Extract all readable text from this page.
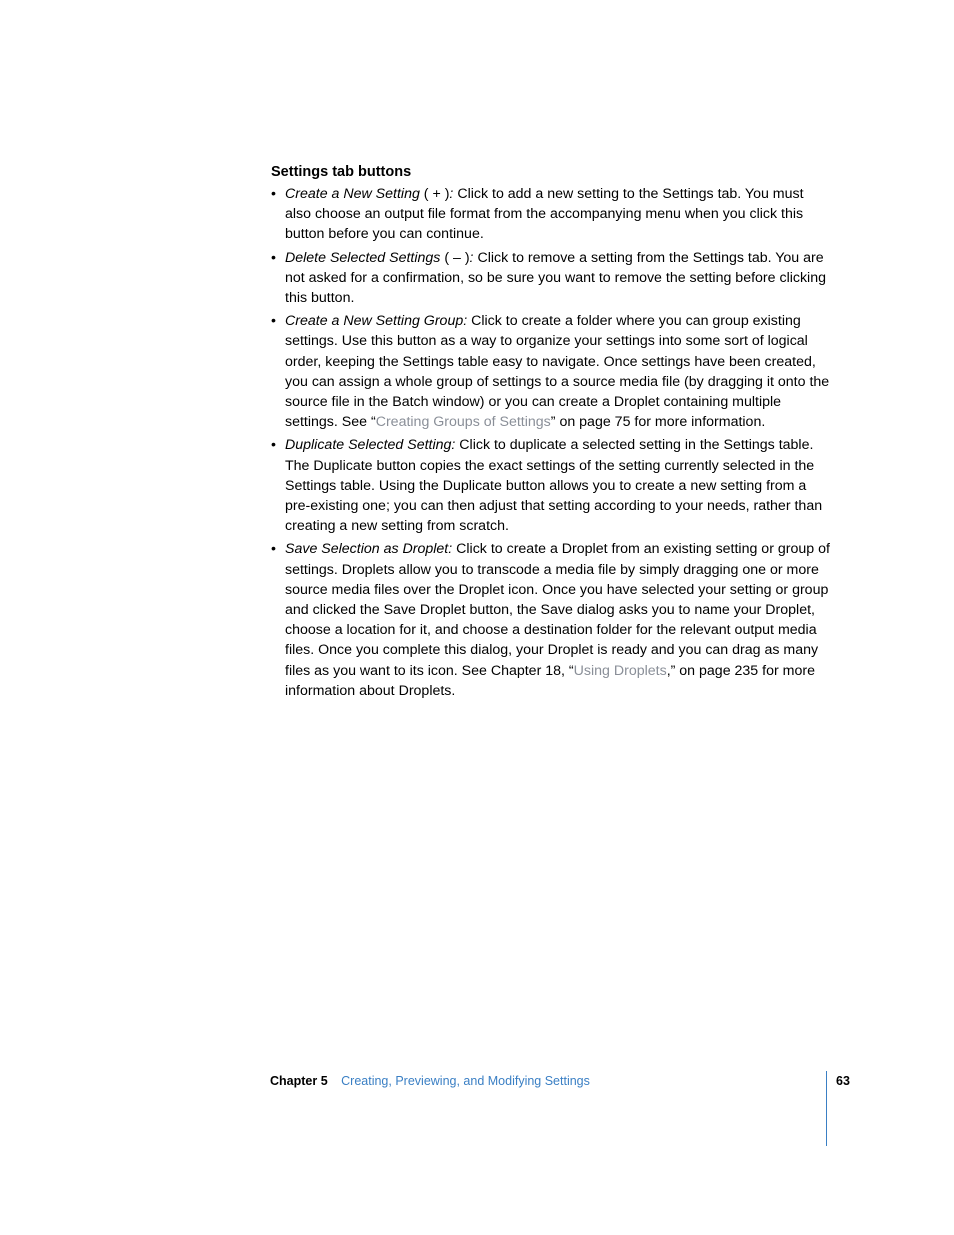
Settings tab buttons
• Create a New Setting ( + ): Click to add a new setting to the Settings tab. You must also choose an output file format from the accompanying menu when you click this button before you can continue.
• Delete Selected Settings ( – ): Click to remove a setting from the Settings tab. You are not asked for a confirmation, so be sure you want to remove the setting before clicking this button.
• Create a New Setting Group: Click to create a folder where you can group existing settings. Use this button as a way to organize your settings into some sort of logical order, keeping the Settings table easy to navigate. Once settings have been created, you can assign a whole group of settings to a source media file (by dragging it onto the source file in the Batch window) or you can create a Droplet containing multiple settings. See “Creating Groups of Settings” on page 75 for more information.
• Duplicate Selected Setting: Click to duplicate a selected setting in the Settings table. The Duplicate button copies the exact settings of the setting currently selected in the Settings table. Using the Duplicate button allows you to create a new setting from a pre-existing one; you can then adjust that setting according to your needs, rather than creating a new setting from scratch.
• Save Selection as Droplet: Click to create a Droplet from an existing setting or group of settings. Droplets allow you to transcode a media file by simply dragging one or more source media files over the Droplet icon. Once you have selected your setting or group and clicked the Save Droplet button, the Save dialog asks you to name your Droplet, choose a location for it, and choose a destination folder for the relevant output media files. Once you complete this dialog, your Droplet is ready and you can drag as many files as you want to its icon. See Chapter 18, “Using Droplets,” on page 235 for more information about Droplets.
Chapter 5 Creating, Previewing, and Modifying Settings	63
